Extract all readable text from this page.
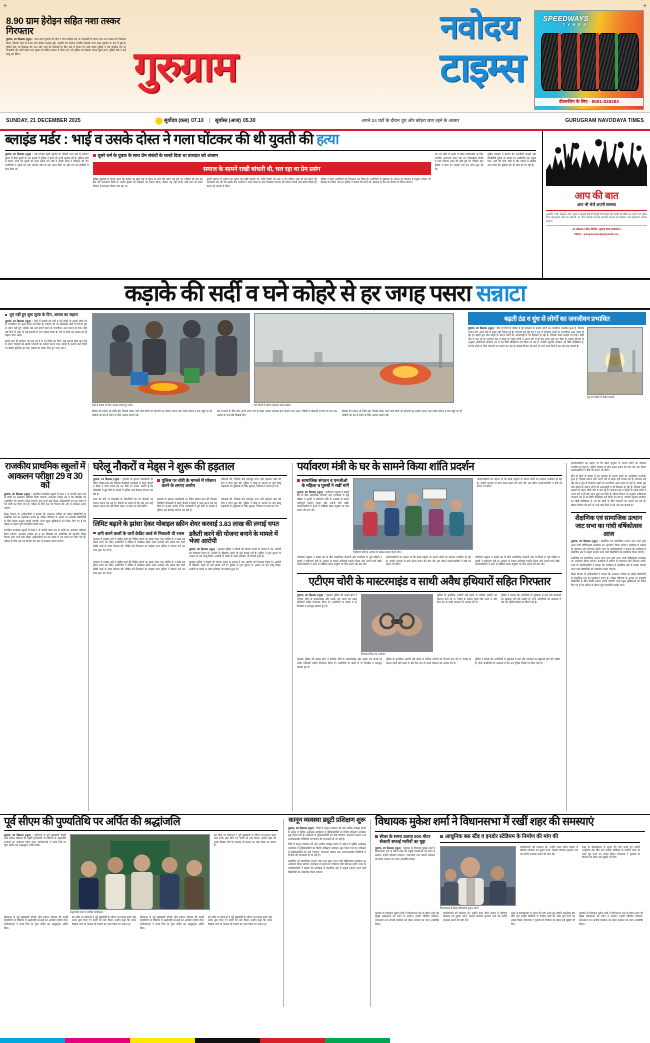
+	+
8.90 ग्राम हेरोइन सहित नशा तस्कर गिरफ्तार
गुड़गांव, 20 दिसम्बर (न्यूज) : थाना सदर गुड़गांव की टीम ने गांव सरहौल रोड पर नाकाबंदी के दौरान एक नशा तस्कर को गिरफ्तार किया, जिसके पास से 8.90 ग्राम हेरोइन बरामद हुई। आरोपी की पहचान सतबीर निवासी थाना सदर गुड़गांव के रूप में हुई है। पुलिस टीम 19 दिसम्बर को गश्त और नाके की कार्रवाई के लिए क्षेत्र में तैनात थी। उसी समय पुलिस ने गांव सरहौल रोड पर नाकाबंदी की। इसी दौरान एक युवक को संदिग्ध हालत में देखा गया, जो पुलिस को देखकर वापस मुड़ने लगा। पुलिस टीम ने उसे काबू कर लिया।
नवोदय
गुरुग्राम	टाइम्स
SPEEDWAYS
TYRES
डीलरशिप के लिए - 8581-838383
SUNDAY, 21 DECEMBER 2025	सूर्योदय (कल) 07.10 | सूर्यास्त (आज) 05.30	अगले 24 घंटों के दौरान धुंध और कोहरा छाए रहने के आसार	GURUGRAM NAVODAYA TIMES
ब्लाइंड मर्डर : भाई व उसके दोस्त ने गला घोंटकर की थी युवती की हत्या
गुड़गांव, 20 दिसम्बर (न्यूज) : एक सप्ताह पहले गुड़गांव के भोंडसी थाना क्षेत्र में अर्धनग्न हालत में मिले युवती के शव मामले में पुलिस ने हत्या की गुत्थी सुलझा ली है। पुलिस जांच में सामने आया कि युवती की हत्या उसके सगे भाई व उसके दोस्त ने मिलकर की थी। आरोपियों ने युवती का गला घोंटकर मौत के घाट उतार दिया था और शव को झाड़ियों में फेंक दिया था।
दूसरे धर्म के युवक के साथ प्रेम संबंधों के चलते दिया था वारदात को अंजाम
समाज के सामने राखी बांधती थी, चल रहा था प्रेम प्रसंग
पुलिस पूछताछ में सामने आया कि मृतका का दूसरे धर्म के युवक के साथ प्रेम प्रसंग चल रहा था। परिवार को जब इस बात की जानकारी मिली तो उन्होंने युवती को समझाने का प्रयास किया, लेकिन वह नहीं मानी। इसी बात को लेकर परिवार में लगातार विवाद चल रहा था।
युवती समाज के सामने उस युवक को राखी बांधती थी, ताकि किसी को शक न हो। लेकिन भाई को इस रिश्ते की जानकारी लग गई थी। इसके बाद आरोपी ने अपने दोस्त के साथ मिलकर वारदात की योजना बनाई और मौका मिलते ही घटना को अंजाम दे दिया।
पुलिस ने दोनों आरोपियों को गिरफ्तार कर लिया है। आरोपियों से पूछताछ के आधार पर वारदात में प्रयुक्त सामान भी बरामद कर लिया गया है। पुलिस ने बताया कि दोनों को अदालत में पेश कर रिमांड पर लिया जाएगा।
शव को मौके से कब्जे में लेकर पोस्टमार्टम के लिए नागरिक अस्पताल भेजा गया था। पोस्टमार्टम रिपोर्ट में गला घोंटकर हत्या की पुष्टि हुई थी, जिसके बाद पुलिस ने हत्या का मामला दर्ज कर जांच शुरू की थी।
पुलिस प्रवक्ता ने बताया कि तकनीकी साक्ष्यों और सीसीटीवी फुटेज के आधार पर आरोपियों तक पहुंचा गया। आगे की जांच जारी है और मामले में शामिल अन्य लोगों की भूमिका की भी जांच की जा रही है।
आप की बात
आप भी भेजें अपनी समस्या
कालोनी, गली, मोहल्ले, वार्ड, सड़क व आपके क्षेत्र की किसी भी समस्या की तस्वीर को खींच कर अपने नाम सहित निम्न व्हाट्सअप नम्बर या आई.डी. पर भेजें। समस्या के लिए आपकी आवाज को प्रशासन तक पहुंचाएगा नवोदय टाइम्स।
20 अंबेडकर मार्किट बिल्डिंग, गुड़गांव 986-0086844
EMAIL : gurugramnavodaya@gmail.com
कड़ाके की सर्दी व घने कोहरे से हर जगह पसरा सन्नाटा
धूप नहीं हुए शुरू लुत्फ के दिन, अलाव का सहारा
गुड़गांव, 20 दिसम्बर (न्यूज) : शहर में कड़ाके की सर्दी व घने कोहरे के कारण लोगों को दो जनजीवन का अस्त व्यस्त कर दिया है। रविवार को भी अधिकतर क्षेत्रों में दिनभर धूप के दर्शन नहीं हुए, जबकि तेज सर्द हवाएं चलने से जनजीवन अस्त व्यस्त हो गया। बीते कई दिनों से शहर के कई इलाकों में घना कोहरा छाया है। ऐसे में लोगों को अलाव का ही सहारा नजर आया।
इसके साथ ही तापमान का पारा भी 9 से 10 डिग्री तक गिरा। जब दृश्यता बेहद कम होने से वाहन चालकों को खासी परेशानी का सामना करना पड़ा। कोहरे के कारण कई जगहों पर देखना मुश्किल हो गया। सड़कों पर वाहन रेंगते हुए नजर आए।
सर्दी से बचाव के लिए अलाव तापते हुए लोग।	घने कोहरे में लाइट जलाकर चलते वाहन।
ट्रैफिक की रफ्तार भी धीमी रही, जिससे दफ्तर जाने वाले लोगों को परेशानी का सामना करना पड़ा। रेलवे स्टेशन व बस अड्डों पर भी यात्रियों को ठंड से बचने के लिए अलाव जलाने पड़े।
ठंड से बचने के लिए लोग अपने-अपने घरों के बाहर अलाव जलाकर हाथ सेंकते नजर आए। गलियों व मोहल्लों में लोग देर रात तक अलाव के पास बैठे दिखाई दिए।
ट्रैफिक की रफ्तार भी धीमी रही, जिससे दफ्तर जाने वाले लोगों को परेशानी का सामना करना पड़ा। रेलवे स्टेशन व बस अड्डों पर भी यात्रियों को ठंड से बचने के लिए अलाव जलाने पड़े।
बढ़ती ठंड व धुंध से लोगों का जनजीवन प्रभावित
गुड़गांव, 20 दिसम्बर (न्यूज) : बीते दो दिनों से मौसम में हुए बदलाव के कारण लोगों का जनजीवन प्रभावित हुआ है, जिसके कारण लोग अपने घरों से बाहर नहीं निकल रहे हैं। लगातार बढ़ रही ठंड व धुंध से निकलने वालों का जनजीवन अस्त व्यस्त हो रहा है। बढ़ती धुंध और कोहरे के कारण लोगों को आवाजाही में भी दिक्कत हो रही है। जिसके चलते सड़कों पर वाहन धीमी गति से चल रहे हैं। लगातार ठंड व कोहरे के चलते लोगों ने अपने घरों में ही कैद रहना शुरू कर दिया है। मौसम विभाग के अनुसार अधिकतम तापमान 25 से 30 डिग्री सेल्सियस दर्ज किया जा रहा है, जबकि न्यूनतम तापमान 10 डिग्री सेल्सियस है, जो कि लोगों के लिए परेशानी का कारण बन रहा है। मौसम विभाग की मानें तो आने वाले दिनों में ठंड और बढ़ सकती है।
धुंध एवं कोहरे में वाहन चालक
राजकीय प्राथमिक स्कूलों में आकलन परीक्षा 29 व 30 को
गुड़गांव, 20 दिसम्बर (न्यूज) : राजकीय प्राथमिक स्कूलों में कक्षा 1 से पांचवीं कक्षा तक के छात्रों का आकलन परीक्षाएं लिया जाएगा। आकलन परीक्षा 29 व 30 दिसम्बर को आयोजित की जाएगी। शिक्षा विभाग द्वारा सभी खंड शिक्षा अधिकारियों को इस संबंध में पत्र जारी कर दिया गया है। परीक्षा के लिए प्रश्न पत्र विभाग की ओर से उपलब्ध कराए जाएंगे।
शिक्षा विभाग के अधिकारियों ने बताया कि आकलन परीक्षा का उद्देश्य विद्यार्थियों के शैक्षणिक स्तर का मूल्यांकन करना है। परीक्षा परिणाम के आधार पर कमजोर विद्यार्थियों के लिए विशेष कक्षाएं लगाई जाएंगी। सभी स्कूल मुखियाओं को निर्देश दिए गए हैं कि परीक्षा के दौरान पूरी पारदर्शिता बरती जाए।
राजकीय प्राथमिक स्कूलों में कक्षा 1 से पांचवीं कक्षा तक के छात्रों का आकलन परीक्षाएं लिया जाएगा। आकलन परीक्षा 29 व 30 दिसम्बर को आयोजित की जाएगी। शिक्षा विभाग द्वारा सभी खंड शिक्षा अधिकारियों को इस संबंध में पत्र जारी कर दिया गया है। परीक्षा के लिए प्रश्न पत्र विभाग की ओर से उपलब्ध कराए जाएंगे।
घरेलू नौकरों व मेड्स ने शुरू की हड़ताल
गुड़गांव, 20 दिसम्बर (न्यूज) : गुरुग्राम के द्वारका एक्सप्रेसवे पर स्थित सेक्टर-109 की चिंटल्स पैराडिसो सोसाइटी में घरेलू नौकरों व मेड्स ने काम करना बंद कर दिया है। उनका आरोप है कि सोसाइटी में हुई चोरी के मामले में पुलिस उन्हें बेवजह परेशान कर रही है।
पुलिस पर चोरी के मामले में परेशान करने के लगाए आरोप
सर्वकार्ड की, जिसके बाद बावजूद थाना और हड़ताल कांड की टीम ने जांच शुरू की। पुलिस ने संदेह के आधार पर कई घरेलू सहायकों को पूछताछ के लिए बुलाया, जिससे वे नाराज हो गए।
काम बंद होने से सोसाइटी के निवासियों को भी परेशानी का सामना करना पड़ रहा है। नौकरों का कहना है कि जब तक उन्हें परेशान करना बंद नहीं किया जाता, वे काम पर नहीं लौटेंगे।
गुरुग्राम के द्वारका एक्सप्रेसवे पर स्थित सेक्टर-109 की चिंटल्स पैराडिसो सोसाइटी में घरेलू नौकरों व मेड्स ने काम करना बंद कर दिया है। उनका आरोप है कि सोसाइटी में हुई चोरी के मामले में पुलिस उन्हें बेवजह परेशान कर रही है।
सर्वकार्ड की, जिसके बाद बावजूद थाना और हड़ताल कांड की टीम ने जांच शुरू की। पुलिस ने संदेह के आधार पर कई घरेलू सहायकों को पूछताछ के लिए बुलाया, जिससे वे नाराज हो गए।
लिमिट बढ़ाने के झांसा देकर मोबाइल स्क्रीन शेयर करवाई 3.83 लाख की लगाई चपत
ठगी करने वालों के चारों क्रेडिट कार्ड से निकाली थी रकम
गुरुग्राम में साइबर ठगों ने क्रेडिट कार्ड की लिमिट बढ़ाने का झांसा देकर एक व्यक्ति से 3 लाख 83 हजार रुपये ठग लिए। आरोपियों ने पीड़ित से मोबाइल स्क्रीन शेयर करवाई और उसके बाद चारों क्रेडिट कार्ड से रकम निकाल ली। पीड़ित की शिकायत पर साइबर थाना पुलिस ने मामला दर्ज कर जांच शुरू कर दी है।
डकैती करने की योजना बनाने के मामले में भेजा आरोपी
गुड़गांव, 20 दिसम्बर (न्यूज) : गुरुग्राम पुलिस ने डकैती की योजना बनाने के मामले में एक आरोपी को गिरफ्तार किया है। आरोपी के खिलाफ पहले भी कई मामले दर्ज हैं। पुलिस ने गुप्त सूचना के आधार पर उसे काबू किया। आरोपी के कब्जे से अवैध हथियार भी बरामद हुआ है।
गुरुग्राम में साइबर ठगों ने क्रेडिट कार्ड की लिमिट बढ़ाने का झांसा देकर एक व्यक्ति से 3 लाख 83 हजार रुपये ठग लिए। आरोपियों ने पीड़ित से मोबाइल स्क्रीन शेयर करवाई और उसके बाद चारों क्रेडिट कार्ड से रकम निकाल ली। पीड़ित की शिकायत पर साइबर थाना पुलिस ने मामला दर्ज कर जांच शुरू कर दी है।
गुरुग्राम पुलिस ने डकैती की योजना बनाने के मामले में एक आरोपी को गिरफ्तार किया है। आरोपी के खिलाफ पहले भी कई मामले दर्ज हैं। पुलिस ने गुप्त सूचना के आधार पर उसे काबू किया। आरोपी के कब्जे से अवैध हथियार भी बरामद हुआ है।
पर्यावरण मंत्री के घर के सामने किया शांति प्रदर्शन
सामाजिक संगठन व एनजीओ के महिला व पुरुषों ने रखीं मांगें
गुड़गांव, 20 दिसम्बर (न्यूज) : पर्यावरण प्रदूषण व बढ़ती ठंड के बीच सामाजिक संगठनों और एनजीओ से जुड़े महिला व पुरुषों ने पर्यावरण मंत्री के आवास के सामने शांतिपूर्ण प्रदर्शन किया और अपनी मांगें रखीं। प्रदर्शनकारियों ने हाथों में तख्तियां लेकर प्रदूषण पर रोक लगाने की मांग की।
पर्यावरण मंत्री के आवास के समक्ष प्रदर्शन करते लोग।
प्रदर्शनकारियों का कहना था कि बढ़ते प्रदूषण के कारण लोगों का स्वास्थ्य प्रभावित हो रहा है। उन्होंने सरकार से ठोस कदम उठाने की मांग की। इस दौरान प्रदर्शनकारियों ने मंत्री को ज्ञापन भी सौंपा।
पर्यावरण प्रदूषण व बढ़ती ठंड के बीच सामाजिक संगठनों और एनजीओ से जुड़े महिला व पुरुषों ने पर्यावरण मंत्री के आवास के सामने शांतिपूर्ण प्रदर्शन किया और अपनी मांगें रखीं। प्रदर्शनकारियों ने हाथों में तख्तियां लेकर प्रदूषण पर रोक लगाने की मांग की।
प्रदर्शनकारियों का कहना था कि बढ़ते प्रदूषण के कारण लोगों का स्वास्थ्य प्रभावित हो रहा है। उन्होंने सरकार से ठोस कदम उठाने की मांग की। इस दौरान प्रदर्शनकारियों ने मंत्री को ज्ञापन भी सौंपा।
पर्यावरण प्रदूषण व बढ़ती ठंड के बीच सामाजिक संगठनों और एनजीओ से जुड़े महिला व पुरुषों ने पर्यावरण मंत्री के आवास के सामने शांतिपूर्ण प्रदर्शन किया और अपनी मांगें रखीं। प्रदर्शनकारियों ने हाथों में तख्तियां लेकर प्रदूषण पर रोक लगाने की मांग की।
एटीएम चोरी के मास्टरमाइंड व साथी अवैध हथियारों सहित गिरफ्तार
गुड़गांव, 20 दिसम्बर (न्यूज) : गुरुग्राम पुलिस की क्राइम ब्रांच ने एटीएम चोरी के मास्टरमाइंड और उसके एक साथी को अवैध हथियारों सहित गिरफ्तार किया है। आरोपियों के कब्जे से दो पिस्तौल व कारतूस बरामद हुए हैं।
गिरफ्तार किए गए आरोपी।
पुलिस के मुताबिक आरोपी लंबे समय से एटीएम मशीनों को निशाना बना रहे थे। गिरोह के सदस्य पहले रेकी करते थे और फिर रात के समय वारदात को अंजाम देते थे।
पुलिस ने बताया कि आरोपियों से पूछताछ में कई और वारदातों का खुलासा होने की उम्मीद है। दोनों आरोपियों को अदालत में पेश कर पुलिस रिमांड पर लिया गया है।
गुरुग्राम पुलिस की क्राइम ब्रांच ने एटीएम चोरी के मास्टरमाइंड और उसके एक साथी को अवैध हथियारों सहित गिरफ्तार किया है। आरोपियों के कब्जे से दो पिस्तौल व कारतूस बरामद हुए हैं।
पुलिस के मुताबिक आरोपी लंबे समय से एटीएम मशीनों को निशाना बना रहे थे। गिरोह के सदस्य पहले रेकी करते थे और फिर रात के समय वारदात को अंजाम देते थे।
पुलिस ने बताया कि आरोपियों से पूछताछ में कई और वारदातों का खुलासा होने की उम्मीद है। दोनों आरोपियों को अदालत में पेश कर पुलिस रिमांड पर लिया गया है।
प्रदर्शनकारियों का कहना था कि बढ़ते प्रदूषण के कारण लोगों का स्वास्थ्य प्रभावित हो रहा है। उन्होंने सरकार से ठोस कदम उठाने की मांग की। इस दौरान प्रदर्शनकारियों ने मंत्री को ज्ञापन भी सौंपा।
बीते दो दिनों से मौसम में हुए बदलाव के कारण लोगों का जनजीवन प्रभावित हुआ है, जिसके कारण लोग अपने घरों से बाहर नहीं निकल रहे हैं। लगातार बढ़ रही ठंड व धुंध से निकलने वालों का जनजीवन अस्त व्यस्त हो रहा है। बढ़ती धुंध और कोहरे के कारण लोगों को आवाजाही में भी दिक्कत हो रही है। जिसके चलते सड़कों पर वाहन धीमी गति से चल रहे हैं। लगातार ठंड व कोहरे के चलते लोगों ने अपने घरों में ही कैद रहना शुरू कर दिया है। मौसम विभाग के अनुसार अधिकतम तापमान 25 से 30 डिग्री सेल्सियस दर्ज किया जा रहा है, जबकि न्यूनतम तापमान 10 डिग्री सेल्सियस है, जो कि लोगों के लिए परेशानी का कारण बन रहा है। मौसम विभाग की मानें तो आने वाले दिनों में ठंड और बढ़ सकती है।
शैक्षणिक एवं सामाजिक उत्थान जाट सभा का गांधी वर्षिकोत्सव आज
गुड़गांव, 20 दिसम्बर (न्यूज) : शैक्षणिक एवं सामाजिक उत्थान जाट सभा द्वारा आज गांधी वर्षिकोत्सव कार्यक्रम का आयोजन किया जाएगा। कार्यक्रम में समाज के गणमान्य लोग शिरकत करेंगे। सभा के पदाधिकारियों ने बताया कि कार्यक्रम में शैक्षणिक क्षेत्र में उत्कृष्ट प्रदर्शन करने वाले विद्यार्थियों को सम्मानित किया जाएगा।
शैक्षणिक एवं सामाजिक उत्थान जाट सभा द्वारा आज गांधी वर्षिकोत्सव कार्यक्रम का आयोजन किया जाएगा। कार्यक्रम में समाज के गणमान्य लोग शिरकत करेंगे। सभा के पदाधिकारियों ने बताया कि कार्यक्रम में शैक्षणिक क्षेत्र में उत्कृष्ट प्रदर्शन करने वाले विद्यार्थियों को सम्मानित किया जाएगा।
शिक्षा विभाग के अधिकारियों ने बताया कि आकलन परीक्षा का उद्देश्य विद्यार्थियों के शैक्षणिक स्तर का मूल्यांकन करना है। परीक्षा परिणाम के आधार पर कमजोर विद्यार्थियों के लिए विशेष कक्षाएं लगाई जाएंगी। सभी स्कूल मुखियाओं को निर्देश दिए गए हैं कि परीक्षा के दौरान पूरी पारदर्शिता बरती जाए।
पूर्व सीएम की पुण्यतिथि पर अर्पित की श्रद्धांजलि
गुड़गांव, 20 दिसम्बर (न्यूज) : हरियाणा के पूर्व मुख्यमंत्री चौधरी ओम प्रकाश चौटाला की पहली पुण्यतिथि पर जिलेभर में श्रद्धांजलि सभाओं का आयोजन किया गया। कार्यकर्ताओं ने उनके चित्र पर पुष्प अर्पित कर श्रद्धासुमन अर्पित किए।
श्रद्धांजलि सभा में शामिल कार्यकर्ता।
इस मौके पर वक्ताओं ने पूर्व मुख्यमंत्री के जीवन पर प्रकाश डाला और उनके द्वारा किए गए कार्यों को याद किया। उन्होंने कहा कि उनके दिखाए मार्ग पर चलकर ही समाज का भला किया जा सकता है।
हरियाणा के पूर्व मुख्यमंत्री चौधरी ओम प्रकाश चौटाला की पहली पुण्यतिथि पर जिलेभर में श्रद्धांजलि सभाओं का आयोजन किया गया। कार्यकर्ताओं ने उनके चित्र पर पुष्प अर्पित कर श्रद्धासुमन अर्पित किए।
इस मौके पर वक्ताओं ने पूर्व मुख्यमंत्री के जीवन पर प्रकाश डाला और उनके द्वारा किए गए कार्यों को याद किया। उन्होंने कहा कि उनके दिखाए मार्ग पर चलकर ही समाज का भला किया जा सकता है।
हरियाणा के पूर्व मुख्यमंत्री चौधरी ओम प्रकाश चौटाला की पहली पुण्यतिथि पर जिलेभर में श्रद्धांजलि सभाओं का आयोजन किया गया। कार्यकर्ताओं ने उनके चित्र पर पुष्प अर्पित कर श्रद्धासुमन अर्पित किए।
इस मौके पर वक्ताओं ने पूर्व मुख्यमंत्री के जीवन पर प्रकाश डाला और उनके द्वारा किए गए कार्यों को याद किया। उन्होंने कहा कि उनके दिखाए मार्ग पर चलकर ही समाज का भला किया जा सकता है।
कानून व्यवस्था ड्यूटी प्रशिक्षण शुरू
गुड़गांव, 20 दिसम्बर (न्यूज) : जिले में कानून व्यवस्था को और अधिक मजबूत बनाने के उद्देश्य से पुलिस अधीक्षक कार्यालय में पुलिसकर्मियों का विशेष प्रशिक्षण कार्यक्रम शुरू किया गया है। प्रशिक्षण में पुलिसकर्मियों को भीड़ नियंत्रण, यातायात प्रबंधन तथा आपातकालीन स्थितियों से निपटने की जानकारी दी जा रही है।
जिले में कानून व्यवस्था को और अधिक मजबूत बनाने के उद्देश्य से पुलिस अधीक्षक कार्यालय में पुलिसकर्मियों का विशेष प्रशिक्षण कार्यक्रम शुरू किया गया है। प्रशिक्षण में पुलिसकर्मियों को भीड़ नियंत्रण, यातायात प्रबंधन तथा आपातकालीन स्थितियों से निपटने की जानकारी दी जा रही है।
शैक्षणिक एवं सामाजिक उत्थान जाट सभा द्वारा आज गांधी वर्षिकोत्सव कार्यक्रम का आयोजन किया जाएगा। कार्यक्रम में समाज के गणमान्य लोग शिरकत करेंगे। सभा के पदाधिकारियों ने बताया कि कार्यक्रम में शैक्षणिक क्षेत्र में उत्कृष्ट प्रदर्शन करने वाले विद्यार्थियों को सम्मानित किया जाएगा।
विधायक मुकेश शर्मा ने विधानसभा में रखीं शहर की समस्याएं
सीवर के समय उठाया 900 मीटर सेक्टरी सफाई मशीनों का मुद्दा
गुड़गांव, 20 दिसम्बर (न्यूज) : गुरुग्राम के विधायक मुकेश शर्मा ने विधानसभा सत्र के दौरान शहर की प्रमुख समस्याओं को सदन में उठाया। उन्होंने सीवरेज व्यवस्था, जलभराव तथा सफाई व्यवस्था को लेकर सरकार का ध्यान आकर्षित किया।
आधुनिक बस स्टैंड व इनडोर स्टेडियम के निर्माण की मांग की
विधानसभा में बोलते विधायक मुकेश शर्मा।
कार्यप्रणाली की व्यवस्था हो। उन्होंने 900 मीटर सेक्टर में सीवरेज व्यवस्था को दुरुस्त करने, सफाई व्यवस्था सुधारने तथा नई मशीनें उपलब्ध कराने की मांग की।
शहर के इंफ्रास्ट्रक्चर में सुधार की मांग करते हुए उन्होंने आधुनिक बस स्टैंड तथा इनडोर स्टेडियम के निर्माण कार्य को जल्द पूरा करने का आग्रह किया। विधायक ने गुरुग्राम के विकास को लेकर कई सुझाव भी दिए।
गुरुग्राम के विधायक मुकेश शर्मा ने विधानसभा सत्र के दौरान शहर की प्रमुख समस्याओं को सदन में उठाया। उन्होंने सीवरेज व्यवस्था, जलभराव तथा सफाई व्यवस्था को लेकर सरकार का ध्यान आकर्षित किया।
कार्यप्रणाली की व्यवस्था हो। उन्होंने 900 मीटर सेक्टर में सीवरेज व्यवस्था को दुरुस्त करने, सफाई व्यवस्था सुधारने तथा नई मशीनें उपलब्ध कराने की मांग की।
शहर के इंफ्रास्ट्रक्चर में सुधार की मांग करते हुए उन्होंने आधुनिक बस स्टैंड तथा इनडोर स्टेडियम के निर्माण कार्य को जल्द पूरा करने का आग्रह किया। विधायक ने गुरुग्राम के विकास को लेकर कई सुझाव भी दिए।
गुरुग्राम के विधायक मुकेश शर्मा ने विधानसभा सत्र के दौरान शहर की प्रमुख समस्याओं को सदन में उठाया। उन्होंने सीवरेज व्यवस्था, जलभराव तथा सफाई व्यवस्था को लेकर सरकार का ध्यान आकर्षित किया।
